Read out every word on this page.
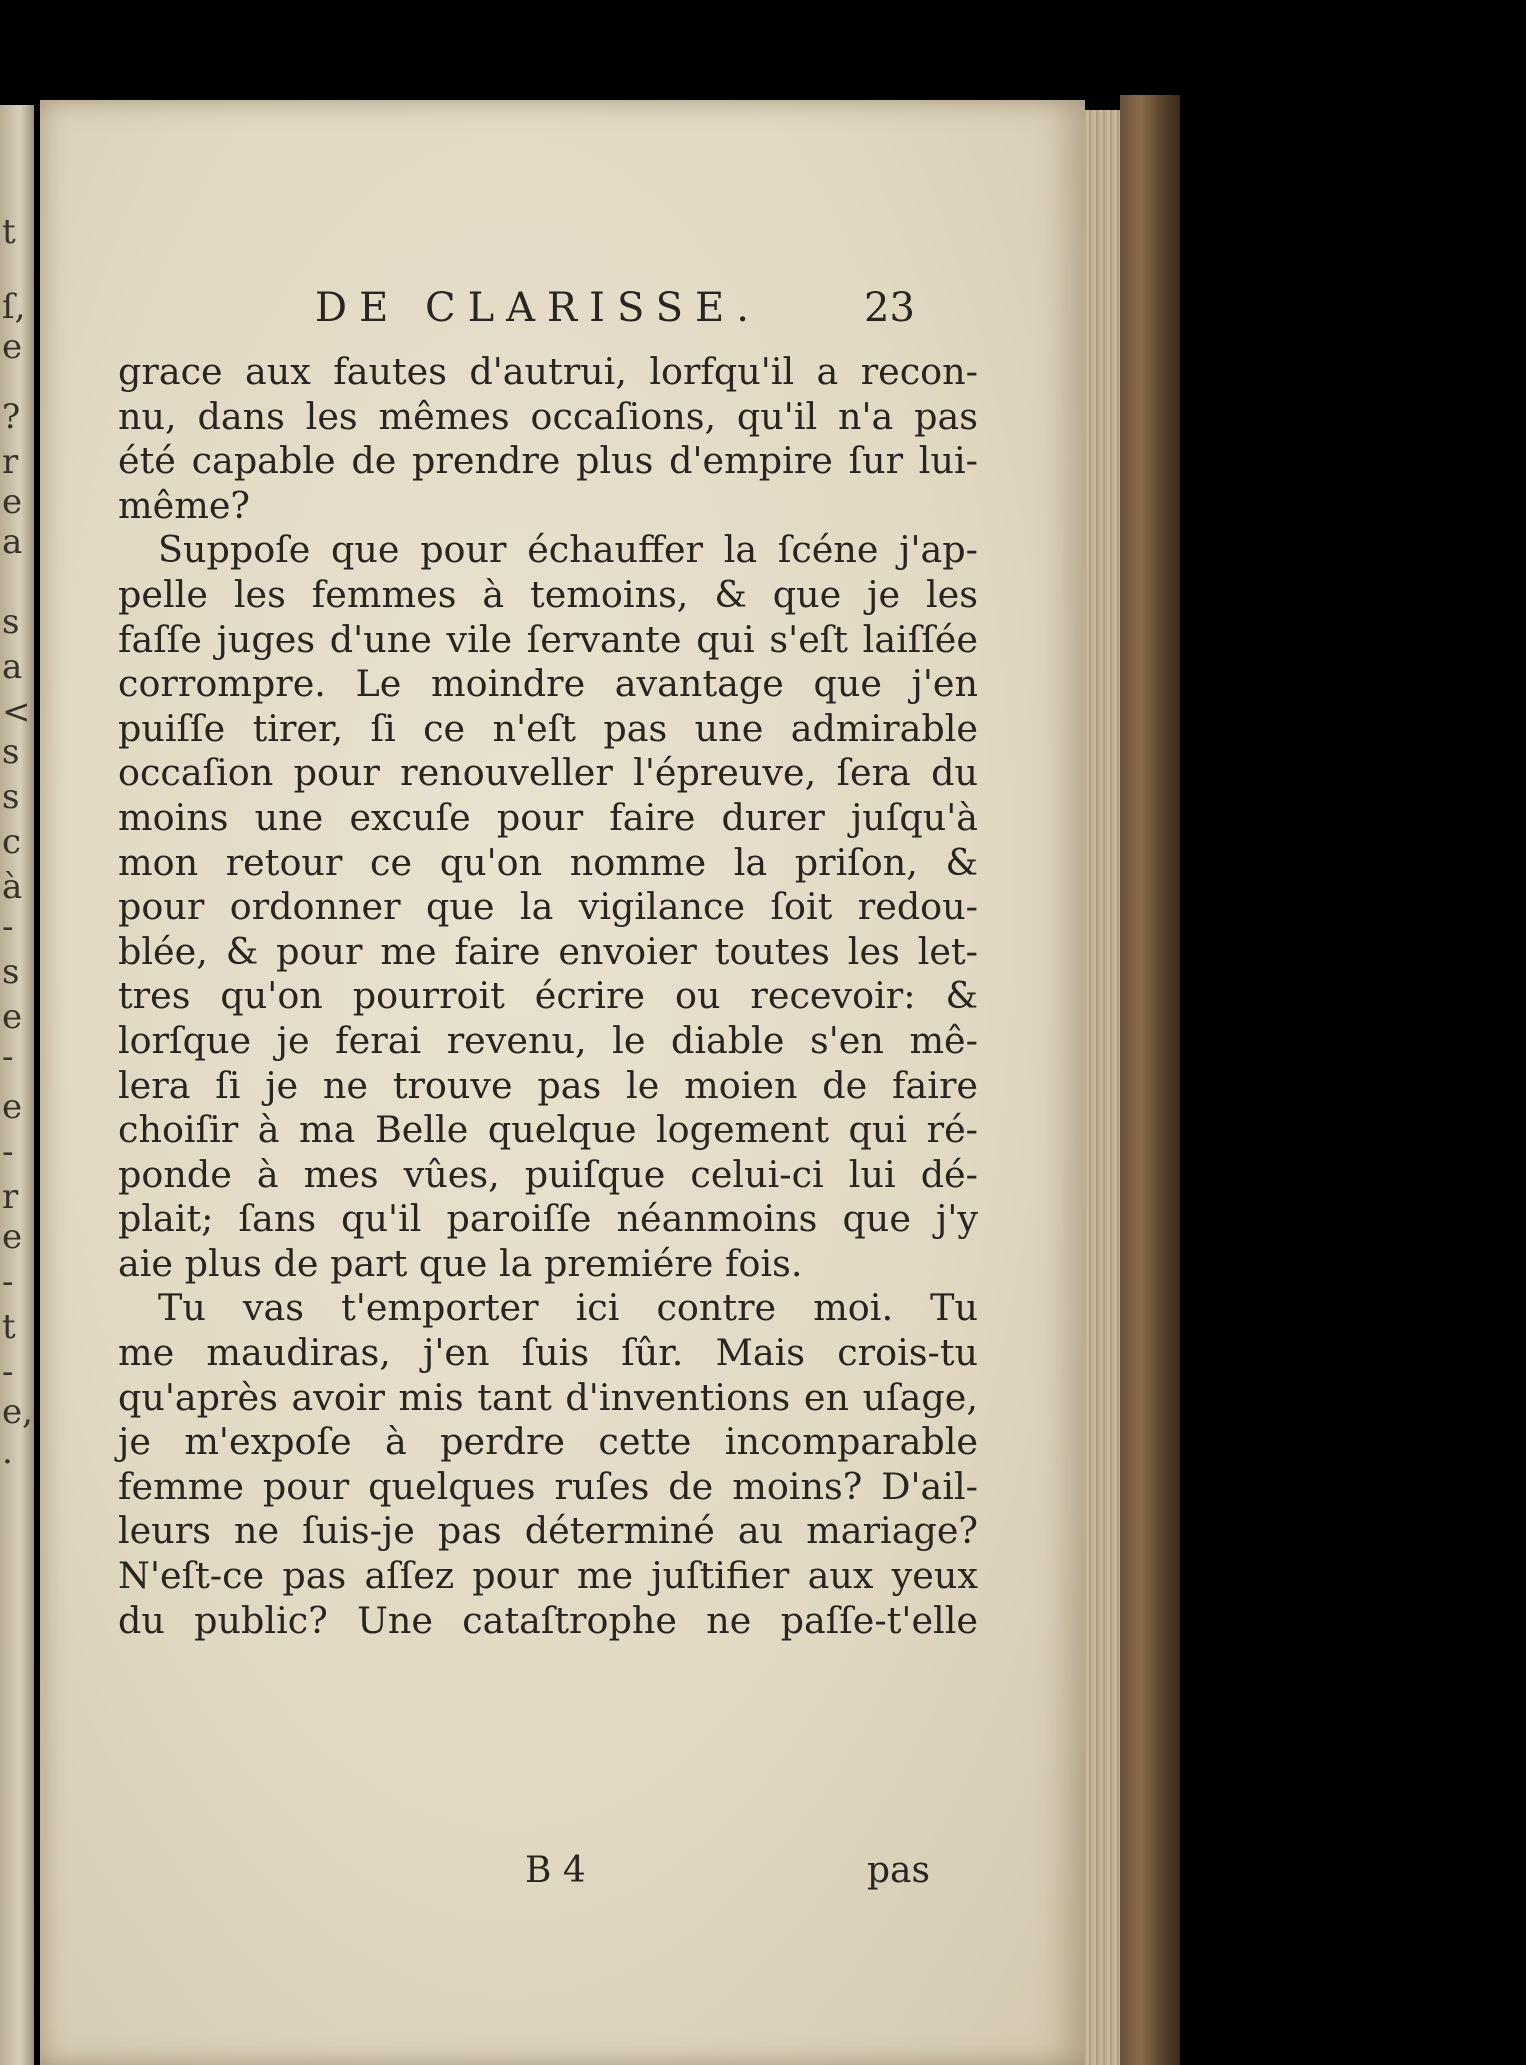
t
ſ,
e
?
r
e
a
s
a
<
s
s
c
à
-
s
e
-
e
-
r
e
-
t
-
e,
.
DE CLARISSE.	23
grace aux fautes d'autrui, lorfqu'il a recon-
nu, dans les mêmes occaſions, qu'il n'a pas
été capable de prendre plus d'empire ſur lui-
même?
Suppoſe que pour échauffer la ſcéne j'ap-
pelle les femmes à temoins, & que je les
faſſe juges d'une vile ſervante qui s'eſt laiſſée
corrompre. Le moindre avantage que j'en
puiſſe tirer, ſi ce n'eſt pas une admirable
occaſion pour renouveller l'épreuve, ſera du
moins une excuſe pour faire durer juſqu'à
mon retour ce qu'on nomme la priſon, &
pour ordonner que la vigilance ſoit redou-
blée, & pour me faire envoier toutes les let-
tres qu'on pourroit écrire ou recevoir: &
lorſque je ferai revenu, le diable s'en mê-
lera ſi je ne trouve pas le moien de faire
choiſir à ma Belle quelque logement qui ré-
ponde à mes vûes, puiſque celui-ci lui dé-
plait; ſans qu'il paroiſſe néanmoins que j'y
aie plus de part que la premiére fois.
Tu vas t'emporter ici contre moi. Tu
me maudiras, j'en ſuis ſûr. Mais crois-tu
qu'après avoir mis tant d'inventions en uſage,
je m'expoſe à perdre cette incomparable
femme pour quelques ruſes de moins? D'ail-
leurs ne ſuis-je pas déterminé au mariage?
N'eſt-ce pas aſſez pour me juſtifier aux yeux
du public? Une cataſtrophe ne paſſe-t'elle
B 4	pas
